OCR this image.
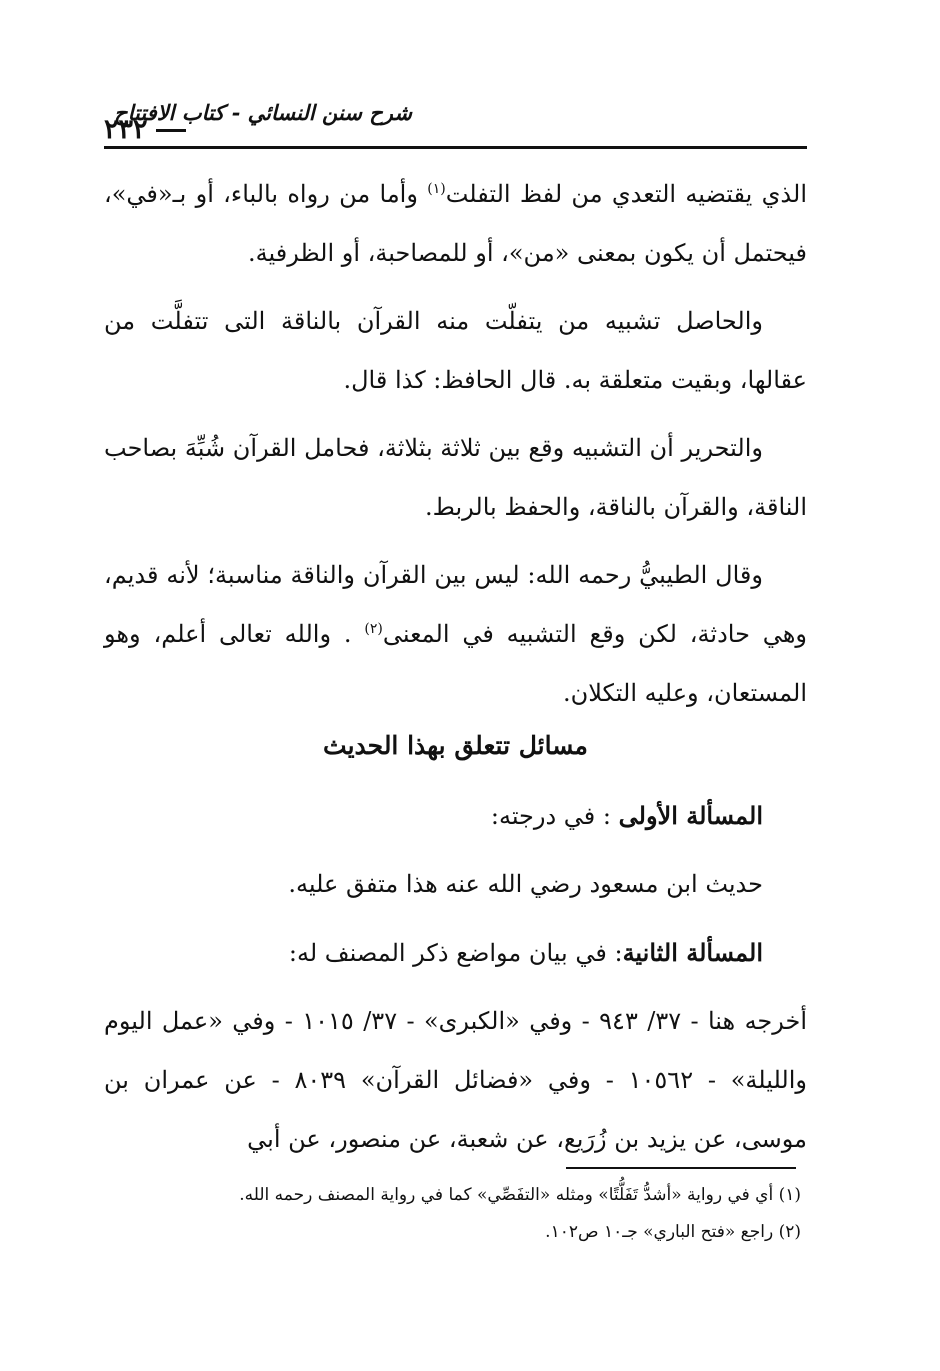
شرح سنن النسائي - كتاب الافتتاح
٢٣٢

الذي يقتضيه التعدي من لفظ التفلت$^{(١)}$ وأما من رواه بالباء، أو بـ«في»، فيحتمل أن يكون بمعنى «من»، أو للمصاحبة، أو الظرفية.

والحاصل تشبيه من يتفلّت منه القرآن بالناقة التى تتفلَّت من عقالها، وبقيت متعلقة به. قال الحافظ: كذا قال.

والتحرير أن التشبيه وقع بين ثلاثة بثلاثة، فحامل القرآن شُبِّهَ بصاحب الناقة، والقرآن بالناقة، والحفظ بالربط.

وقال الطيبيُّ رحمه الله: ليس بين القرآن والناقة مناسبة؛ لأنه قديم، وهي حادثة، لكن وقع التشبيه في المعنى$^{(٢)}$ . والله تعالى أعلم، وهو المستعان، وعليه التكلان.

مسائل تتعلق بهذا الحديث

المسألة الأولى : في درجته:

حديث ابن مسعود رضي الله عنه هذا متفق عليه.

المسألة الثانية: في بيان مواضع ذكر المصنف له:

أخرجه هنا - ٣٧/ ٩٤٣ - وفي «الكبرى» - ٣٧/ ١٠١٥ - وفي «عمل اليوم والليلة» - ١٠٥٦٢ - وفي «فضائل القرآن» ٨٠٣٩ - عن عمران بن موسى، عن يزيد بن زُرَيع، عن شعبة، عن منصور، عن أبي

(١) أي في رواية «أشدُّ تَفَلُّتًا» ومثله «التفَصِّي» كما في رواية المصنف رحمه الله.

(٢) راجع «فتح الباري» جـ١٠ ص١٠٢.
